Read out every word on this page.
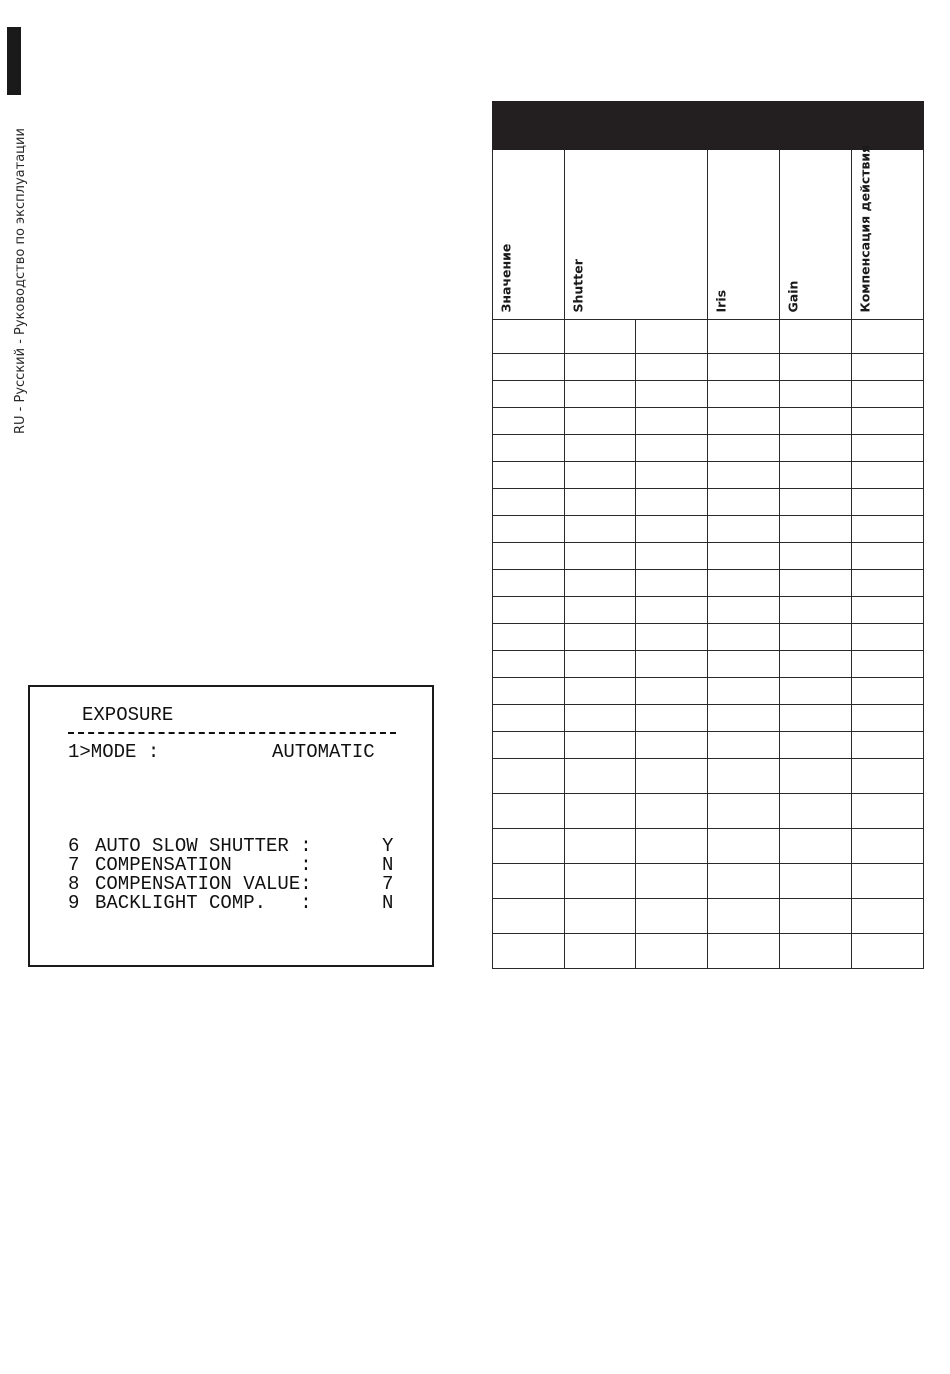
RU - Русский - Руководство по эксплуатации
EXPOSURE
1>MODE :	AUTOMATIC
6 AUTO SLOW SHUTTER :	Y
7 COMPENSATION      :	N
8 COMPENSATION VALUE:	7
9 BACKLIGHT COMP.   :	N

Значение	Shutter		Iris	Gain	Компенсация действия
